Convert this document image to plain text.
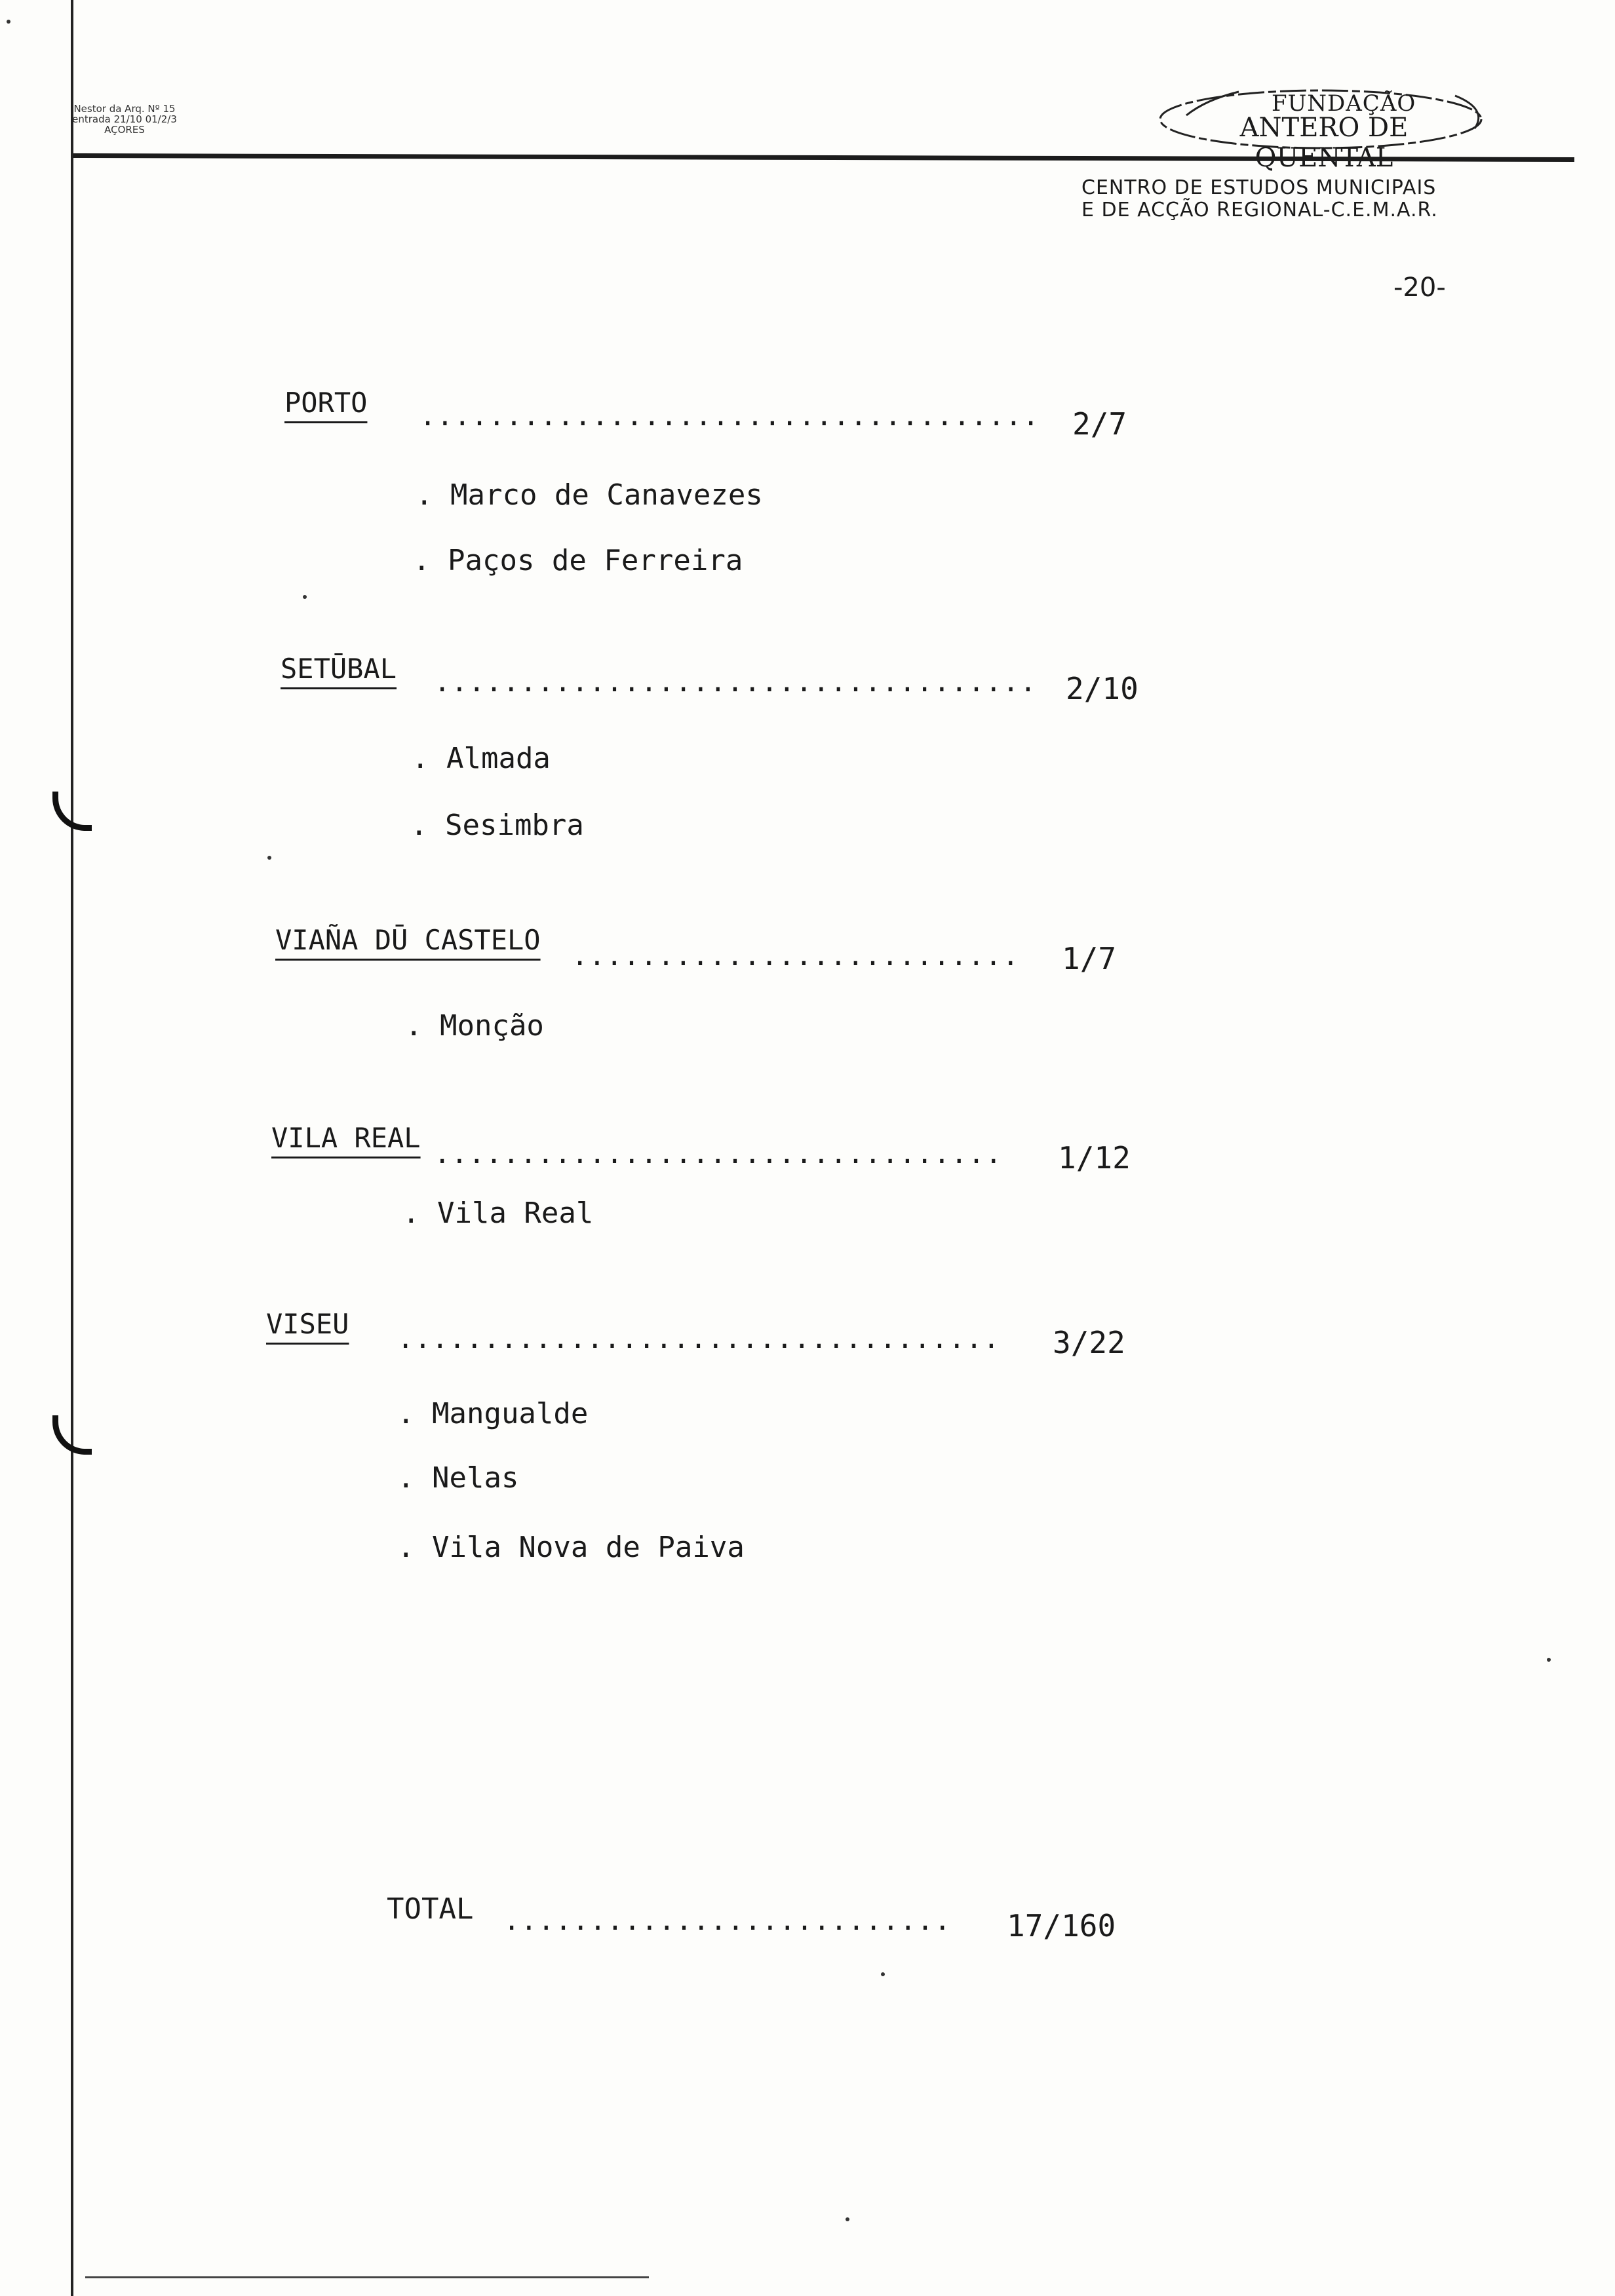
Nestor da Arq. Nº 15
entrada 21/10 01/2/3
AÇORES
FUNDAÇÃO
ANTERO DE
CENTRO DE ESTUDOS MUNICIPAIS
E DE ACÇÃO REGIONAL-C.E.M.A.R.
-20-
PORTO .................................... 2/7
. Marco de Canavezes
. Paços de Ferreira
SETŪBAL ................................... 2/10
. Almada
. Sesimbra
VIAÑA DŪ CASTELO .......................... 1/7
. Monção
VILA REAL ................................. 1/12
. Vila Real
VISEU ................................... 3/22
. Mangualde
. Nelas
. Vila Nova de Paiva
TOTAL .......................... 17/160
